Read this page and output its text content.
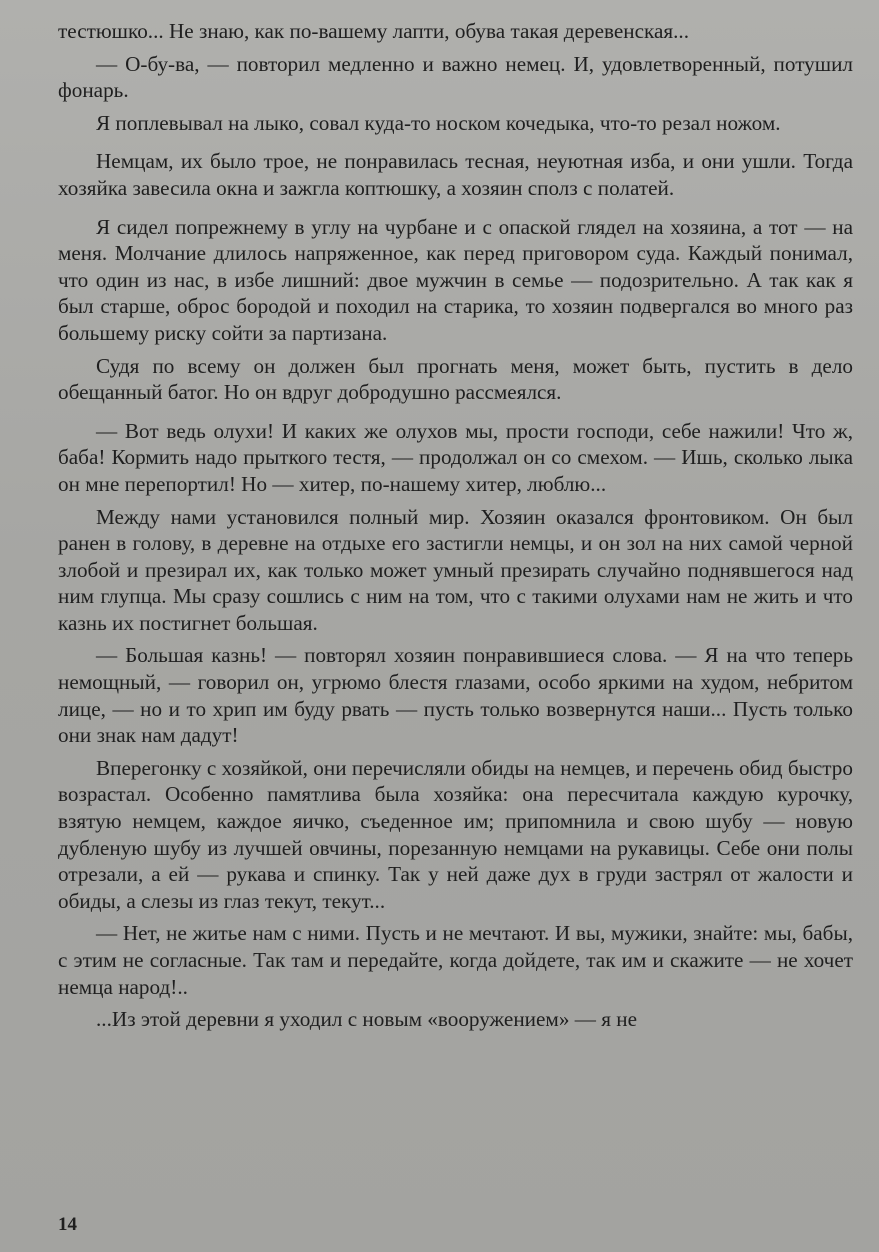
тестюшко... Не знаю, как по-вашему лапти, обува такая деревенская...

— О-бу-ва, — повторил медленно и важно немец. И, удовлетворенный, потушил фонарь.

Я поплевывал на лыко, совал куда-то носком кочедыка, что-то резал ножом.

Немцам, их было трое, не понравилась тесная, неуютная изба, и они ушли. Тогда хозяйка завесила окна и зажгла коптюшку, а хозяин сполз с полатей.

Я сидел попрежнему в углу на чурбане и с опаской глядел на хозяина, а тот — на меня. Молчание длилось напряженное, как перед приговором суда. Каждый понимал, что один из нас, в избе лишний: двое мужчин в семье — подозрительно. А так как я был старше, оброс бородой и походил на старика, то хозяин подвергался во много раз большему риску сойти за партизана.

Судя по всему он должен был прогнать меня, может быть, пустить в дело обещанный батог. Но он вдруг добродушно рассмеялся.

— Вот ведь олухи! И каких же олухов мы, прости господи, себе нажили! Что ж, баба! Кормить надо прыткого тестя, — продолжал он со смехом. — Ишь, сколько лыка он мне перепортил! Но — хитер, по-нашему хитер, люблю...

Между нами установился полный мир. Хозяин оказался фронтовиком. Он был ранен в голову, в деревне на отдыхе его застигли немцы, и он зол на них самой черной злобой и презирал их, как только может умный презирать случайно поднявшегося над ним глупца. Мы сразу сошлись с ним на том, что с такими олухами нам не жить и что казнь их постигнет большая.

— Большая казнь! — повторял хозяин понравившиеся слова. — Я на что теперь немощный, — говорил он, угрюмо блестя глазами, особо яркими на худом, небритом лице, — но и то хрип им буду рвать — пусть только возвернутся наши... Пусть только они знак нам дадут!

Вперегонку с хозяйкой, они перечисляли обиды на немцев, и перечень обид быстро возрастал. Особенно памятлива была хозяйка: она пересчитала каждую курочку, взятую немцем, каждое яичко, съеденное им; припомнила и свою шубу — новую дубленую шубу из лучшей овчины, порезанную немцами на рукавицы. Себе они полы отрезали, а ей — рукава и спинку. Так у ней даже дух в груди застрял от жалости и обиды, а слезы из глаз текут, текут...

— Нет, не житье нам с ними. Пусть и не мечтают. И вы, мужики, знайте: мы, бабы, с этим не согласные. Так там и передайте, когда дойдете, так им и скажите — не хочет немца народ!..

...Из этой деревни я уходил с новым «вооружением» — я не

14
